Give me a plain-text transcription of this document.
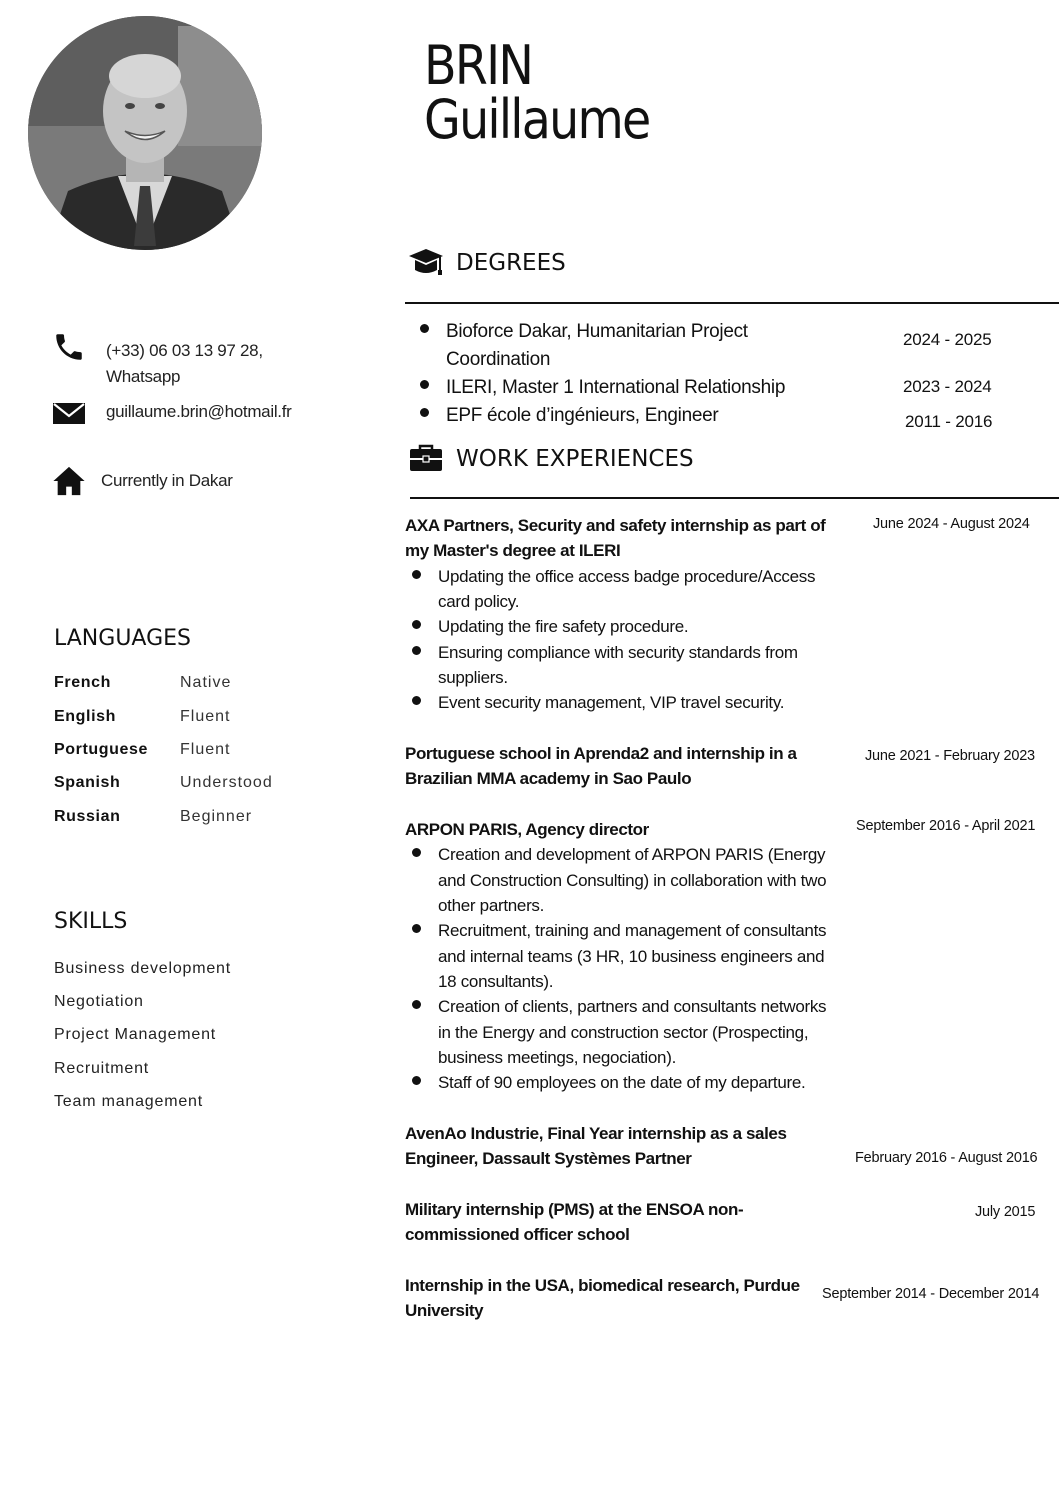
BRIN
Guillaume
(+33) 06 03 13 97 28,
Whatsapp
guillaume.brin@hotmail.fr
Currently in Dakar
LANGUAGES
French	Native
English	Fluent
Portuguese Fluent
Spanish	Understood
Russian	Beginner
SKILLS
Business development
Negotiation
Project Management
Recruitment
Team management
DEGREES
Bioforce Dakar, Humanitarian Project
Coordination
2024 - 2025
ILERI, Master 1 International Relationship	2023 - 2024
EPF école d’ingénieurs, Engineer	2011 - 2016
WORK EXPERIENCES
AXA Partners, Security and safety internship as part of
my Master's degree at ILERI
June 2024 - August 2024
Updating the office access badge procedure/Access
card policy.
Updating the fire safety procedure.
Ensuring compliance with security standards from
suppliers.
Event security management, VIP travel security.
Portuguese school in Aprenda2 and internship in a
Brazilian MMA academy in Sao Paulo
June 2021 - February 2023
ARPON PARIS, Agency director	September 2016 - April 2021
Creation and development of ARPON PARIS (Energy
and Construction Consulting) in collaboration with two
other partners.
Recruitment, training and management of consultants
and internal teams (3 HR, 10 business engineers and
18 consultants).
Creation of clients, partners and consultants networks
in the Energy and construction sector (Prospecting,
business meetings, negociation).
Staff of 90 employees on the date of my departure.
AvenAo Industrie, Final Year internship as a sales
Engineer, Dassault Systèmes Partner	February 2016 - August 2016
Military internship (PMS) at the ENSOA non-
commissioned officer school
July 2015
Internship in the USA, biomedical research, Purdue
University
September 2014 - December 2014
